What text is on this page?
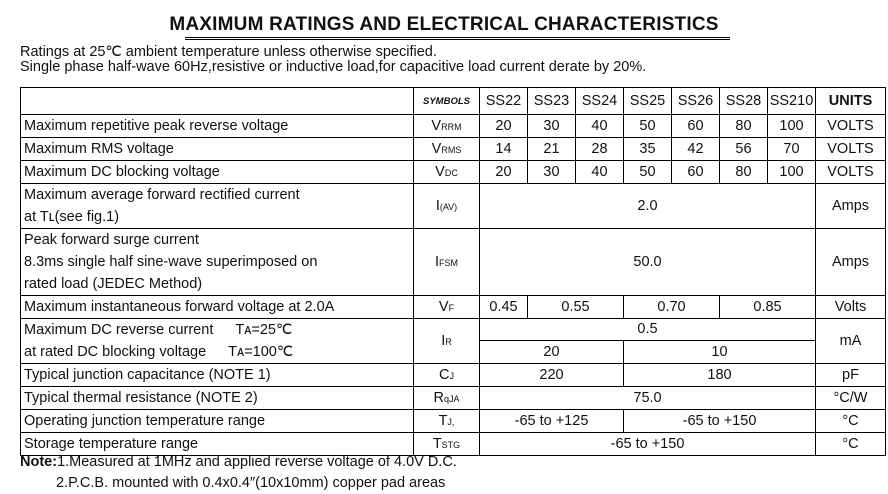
MAXIMUM RATINGS AND ELECTRICAL CHARACTERISTICS
Ratings at 25℃ ambient temperature unless otherwise specified.
Single phase half-wave 60Hz,resistive or inductive load,for capacitive load current derate by 20%.
	SYMBOLS	SS22	SS23	SS24	SS25	SS26	SS28	SS210	UNITS
Maximum repetitive peak reverse voltage	VRRM	20	30	40	50	60	80	100	VOLTS
Maximum RMS voltage	VRMS	14	21	28	35	42	56	70	VOLTS
Maximum DC blocking voltage	VDC	20	30	40	50	60	80	100	VOLTS

Maximum average forward rectified current
at Tʟ(see fig.1)	I(AV)	2.0							Amps

Peak forward surge current
8.3ms single half sine-wave superimposed on
rated load (JEDEC Method)	IFSM	50.0							Amps
Maximum instantaneous forward voltage at 2.0A	VF	0.45	0.55		0.70		0.85		Volts

Maximum DC reverse current Tᴀ=25℃
at rated DC blocking voltage Tᴀ=100℃	IR	0.5							mA
		20			10				
Typical junction capacitance (NOTE 1)	CJ	220			180				pF
Typical thermal resistance (NOTE 2)	RqJA	75.0							°C/W
Operating junction temperature range	TJ,	-65 to +125			-65 to +150				°C
Storage temperature range	TSTG	-65 to +150							°C
Note:1.Measured at 1MHz and applied reverse voltage of 4.0V D.C.
2.P.C.B. mounted with 0.4x0.4″(10x10mm) copper pad areas
